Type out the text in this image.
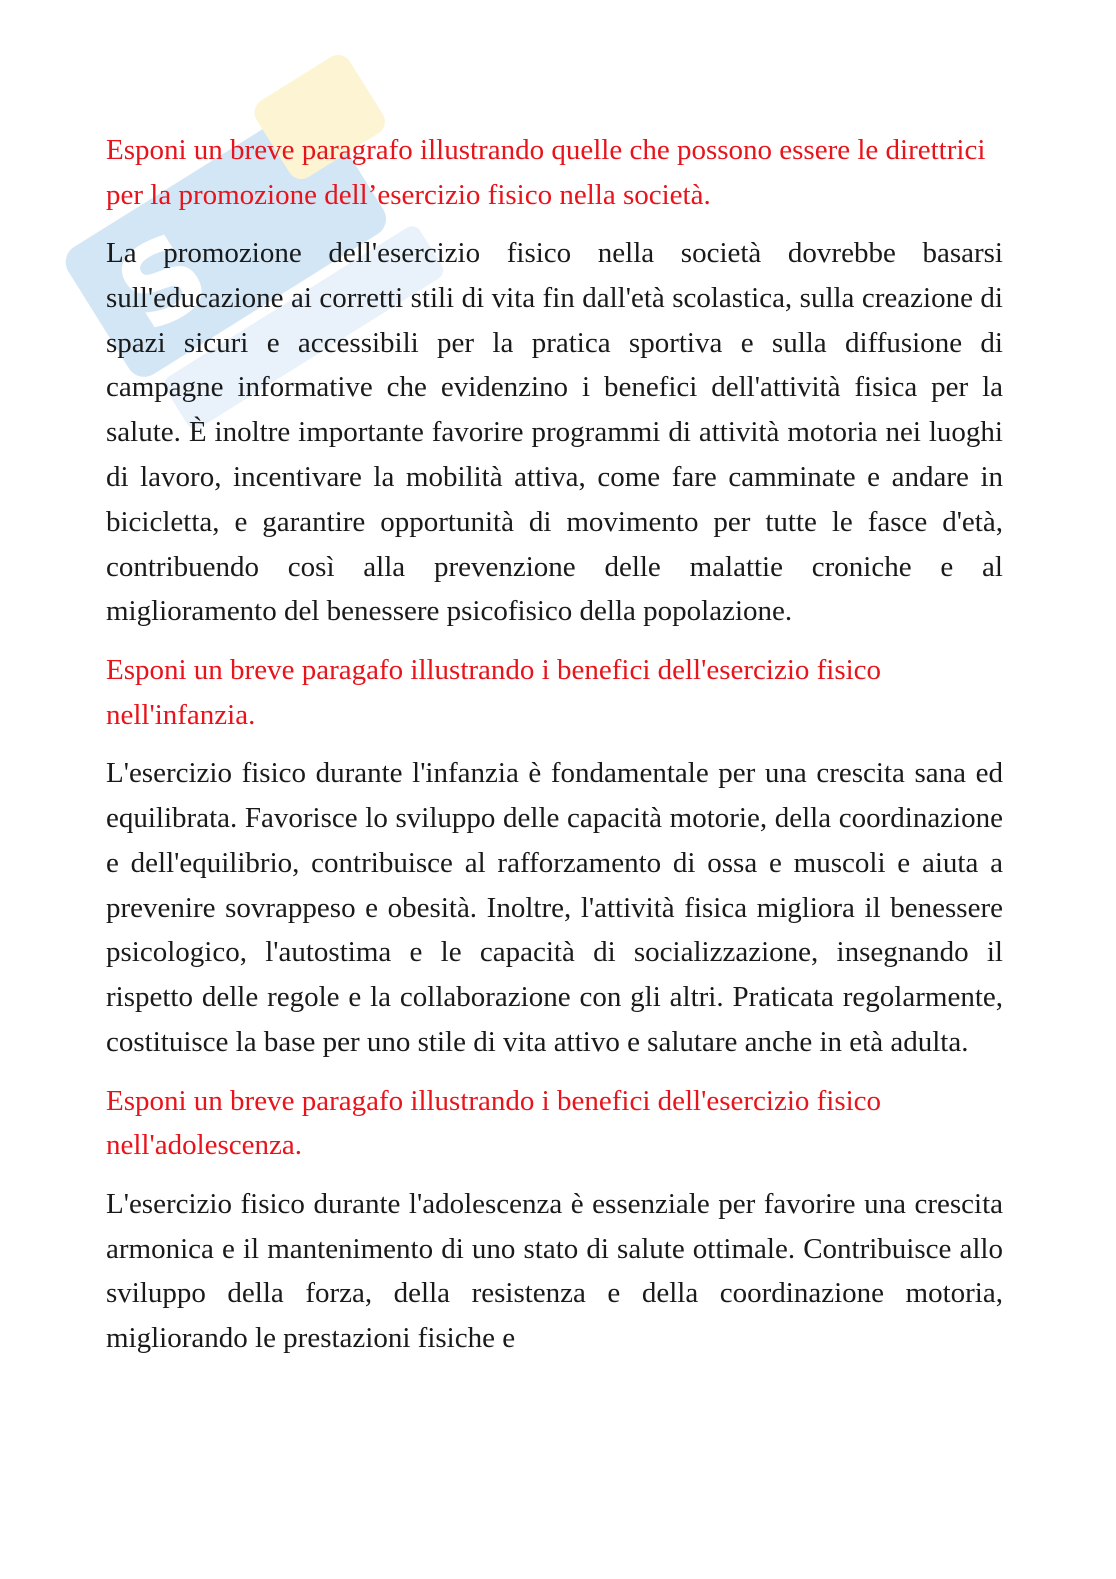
S

Esponi un breve paragrafo illustrando quelle che possono essere le direttrici per la promozione dell’esercizio fisico nella società.

La promozione dell'esercizio fisico nella società dovrebbe basarsi sull'educazione ai corretti stili di vita fin dall'età scolastica, sulla creazione di spazi sicuri e accessibili per la pratica sportiva e sulla diffusione di campagne informative che evidenzino i benefici dell'attività fisica per la salute. È inoltre importante favorire programmi di attività motoria nei luoghi di lavoro, incentivare la mobilità attiva, come fare camminate e andare in bicicletta, e garantire opportunità di movimento per tutte le fasce d'età, contribuendo così alla prevenzione delle malattie croniche e al miglioramento del benessere psicofisico della popolazione.

Esponi un breve paragafo illustrando i benefici dell'esercizio fisico nell'infanzia.

L'esercizio fisico durante l'infanzia è fondamentale per una crescita sana ed equilibrata. Favorisce lo sviluppo delle capacità motorie, della coordinazione e dell'equilibrio, contribuisce al rafforzamento di ossa e muscoli e aiuta a prevenire sovrappeso e obesità. Inoltre, l'attività fisica migliora il benessere psicologico, l'autostima e le capacità di socializzazione, insegnando il rispetto delle regole e la collaborazione con gli altri. Praticata regolarmente, costituisce la base per uno stile di vita attivo e salutare anche in età adulta.

Esponi un breve paragafo illustrando i benefici dell'esercizio fisico nell'adolescenza.

L'esercizio fisico durante l'adolescenza è essenziale per favorire una crescita armonica e il mantenimento di uno stato di salute ottimale. Contribuisce allo sviluppo della forza, della resistenza e della coordinazione motoria, migliorando le prestazioni fisiche e
